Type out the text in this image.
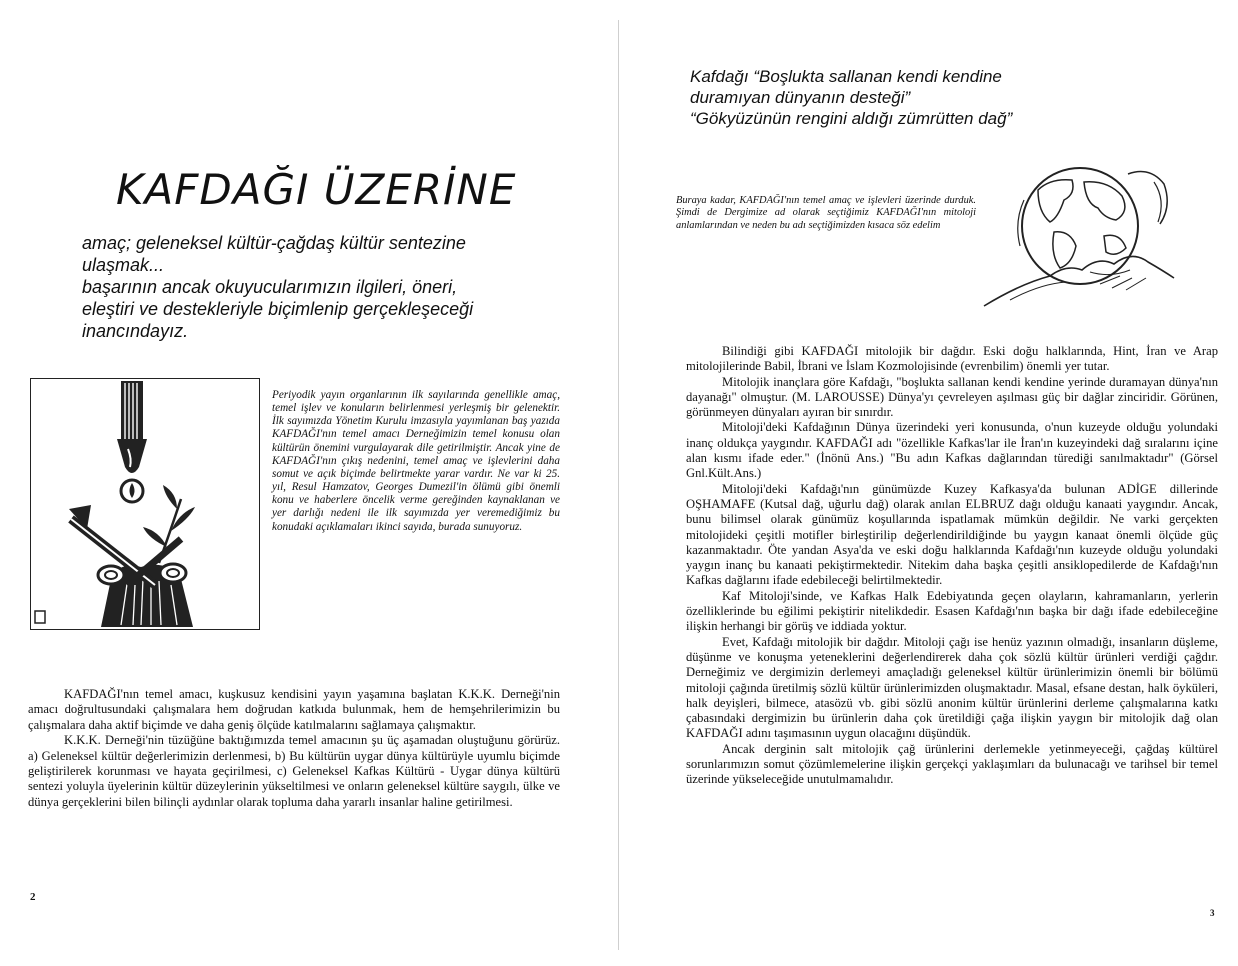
KAFDAĞI ÜZERİNE
amaç; geleneksel kültür-çağdaş kültür sentezine
ulaşmak...
başarının ancak okuyucularımızın ilgileri, öneri,
eleştiri ve destekleriyle biçimlenip gerçekleşeceği
inancındayız.
Periyodik yayın organlarının ilk sayılarında genellikle amaç, temel işlev ve konuların belirlenmesi yerleşmiş bir gelenektir. İlk sayımızda Yönetim Kurulu imzasıyla yayımlanan baş yazıda KAFDAĞI'nın temel amacı Derneğimizin temel konusu olan kültürün önemini vurgulayarak dile getirilmiştir. Ancak yine de KAFDAĞI'nın çıkış nedenini, temel amaç ve işlevlerini daha somut ve açık biçimde belirtmekte yarar vardır. Ne var ki 25. yıl, Resul Hamzatov, Georges Dumezil'in ölümü gibi önemli konu ve haberlere öncelik verme gereğinden kaynaklanan ve yer darlığı nedeni ile ilk sayımızda yer veremediğimiz bu konudaki açıklamaları ikinci sayıda, burada sunuyoruz.

KAFDAĞI'nın temel amacı, kuşkusuz kendisini yayın yaşamına başlatan K.K.K. Derneği'nin amacı doğrultusundaki çalışmalara hem doğrudan katkıda bulunmak, hem de hemşehrilerimizin bu çalışmalara daha aktif biçimde ve daha geniş ölçüde katılmalarını sağlamaya çalışmaktır.

K.K.K. Derneği'nin tüzüğüne baktığımızda temel amacının şu üç aşamadan oluştuğunu görürüz. a) Geleneksel kültür değerlerimizin derlenmesi, b) Bu kültürün uygar dünya kültürüyle uyumlu biçimde geliştirilerek korunması ve hayata geçirilmesi, c) Geleneksel Kafkas Kültürü - Uygar dünya kültürü sentezi yoluyla üyelerinin kültür düzeylerinin yükseltilmesi ve onların geleneksel kültüre saygılı, ülke ve dünya gerçeklerini bilen bilinçli aydınlar olarak topluma daha yararlı insanlar haline getirilmesi.

2
Kafdağı “Boşlukta sallanan kendi kendine
duramıyan dünyanın desteği”
“Gökyüzünün rengini aldığı zümrütten dağ”
Buraya kadar, KAFDAĞI'nın temel amaç ve işlevleri üzerinde durduk. Şimdi de Dergimize ad olarak seçtiğimiz KAFDAĞI'nın mitoloji anlamlarından ve neden bu adı seçtiğimizden kısaca söz edelim

Bilindiği gibi KAFDAĞI mitolojik bir dağdır. Eski doğu halklarında, Hint, İran ve Arap mitolojilerinde Babil, İbrani ve İslam Kozmolojisinde (evrenbilim) önemli yer tutar.

Mitolojik inançlara göre Kafdağı, "boşlukta sallanan kendi kendine yerinde duramayan dünya'nın dayanağı" olmuştur. (M. LAROUSSE) Dünya'yı çevreleyen aşılması güç bir dağlar zinciridir. Görünen, görünmeyen dünyaları ayıran bir sınırdır.

Mitoloji'deki Kafdağının Dünya üzerindeki yeri konusunda, o'nun kuzeyde olduğu yolundaki inanç oldukça yaygındır. KAFDAĞI adı "özellikle Kafkas'lar ile İran'ın kuzeyindeki dağ sıralarını içine alan kısmı ifade eder." (İnönü Ans.) "Bu adın Kafkas dağlarından türediği sanılmaktadır" (Görsel Gnl.Kült.Ans.)

Mitoloji'deki Kafdağı'nın günümüzde Kuzey Kafkasya'da bulunan ADİGE dillerinde OŞHAMAFE (Kutsal dağ, uğurlu dağ) olarak anılan ELBRUZ dağı olduğu kanaati yaygındır. Ancak, bunu bilimsel olarak günümüz koşullarında ispatlamak mümkün değildir. Ne varki gerçekten mitolojideki çeşitli motifler birleştirilip değerlendirildiğinde bu yaygın kanaat önemli ölçüde güç kazanmaktadır. Öte yandan Asya'da ve eski doğu halklarında Kafdağı'nın kuzeyde olduğu yolundaki yaygın inanç bu kanaati pekiştirmektedir. Nitekim daha başka çeşitli ansiklopedilerde de Kafdağı'nın Kafkas dağlarını ifade edebileceği belirtilmektedir.

Kaf Mitoloji'sinde, ve Kafkas Halk Edebiyatında geçen olayların, kahramanların, yerlerin özelliklerinde bu eğilimi pekiştirir nitelikdedir. Esasen Kafdağı'nın başka bir dağı ifade edebileceğine ilişkin herhangi bir görüş ve iddiada yoktur.

Evet, Kafdağı mitolojik bir dağdır. Mitoloji çağı ise henüz yazının olmadığı, insanların düşleme, düşünme ve konuşma yeteneklerini değerlendirerek daha çok sözlü kültür ürünleri verdiği çağdır. Derneğimiz ve dergimizin derlemeyi amaçladığı geleneksel kültür ürünlerimizin önemli bir bölümü mitoloji çağında üretilmiş sözlü kültür ürünlerimizden oluşmaktadır. Masal, efsane destan, halk öyküleri, halk deyişleri, bilmece, atasözü vb. gibi sözlü anonim kültür ürünlerini derleme çalışmalarına katkı çabasındaki dergimizin bu ürünlerin daha çok üretildiği çağa ilişkin yaygın bir mitolojik dağ olan KAFDAĞI adını taşımasının uygun olacağını düşündük.

Ancak derginin salt mitolojik çağ ürünlerini derlemekle yetinmeyeceği, çağdaş kültürel sorunlarımızın somut çözümlemelerine ilişkin gerçekçi yaklaşımları da bulunacağı ve tarihsel bir temel üzerinde yükseleceğide unutulmamalıdır.

3
